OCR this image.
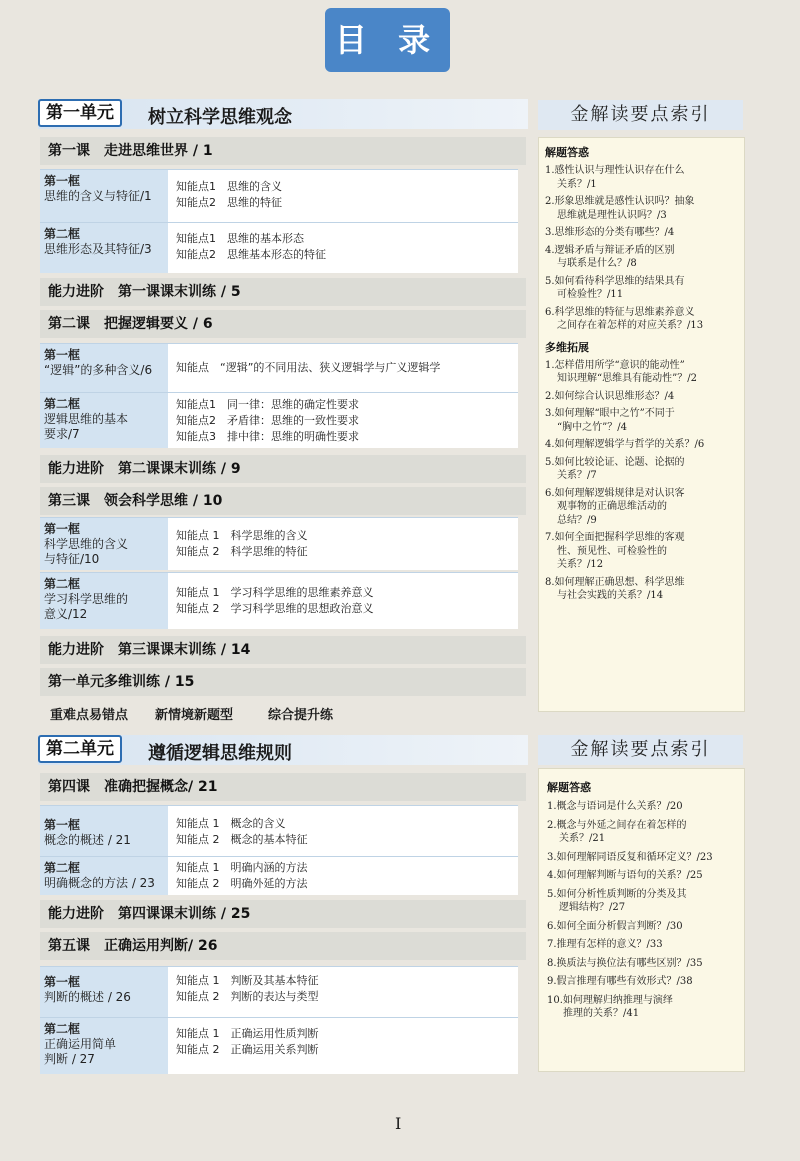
目 录
第一单元	树立科学思维观念	金解读要点索引
第一课　走进思维世界 / 1
第一框
思维的含义与特征/1
知能点1　思维的含义
知能点2　思维的特征
第二框
思维形态及其特征/3
知能点1　思维的基本形态
知能点2　思维基本形态的特征
能力进阶　第一课课末训练 / 5
第二课　把握逻辑要义 / 6
第一框
“逻辑”的多种含义/6	知能点　“逻辑”的不同用法、狭义逻辑学与广义逻辑学
第二框
逻辑思维的基本
要求/7
知能点1　同一律：思维的确定性要求
知能点2　矛盾律：思维的一致性要求
知能点3　排中律：思维的明确性要求
能力进阶　第二课课末训练 / 9
第三课　领会科学思维 / 10
第一框
科学思维的含义
与特征/10
知能点 1　科学思维的含义
知能点 2　科学思维的特征
第二框
学习科学思维的
意义/12
知能点 1　学习科学思维的思维素养意义
知能点 2　学习科学思维的思想政治意义
能力进阶　第三课课末训练 / 14
第一单元多维训练 / 15
重难点易错点 新情境新题型	综合提升练
解题答惑
1.感性认识与理性认识存在什么
关系？/1
2.形象思维就是感性认识吗？抽象
思维就是理性认识吗？/3
3.思维形态的分类有哪些？/4
4.逻辑矛盾与辩证矛盾的区别
与联系是什么？/8
5.如何看待科学思维的结果具有
可检验性？/11
6.科学思维的特征与思维素养意义
之间存在着怎样的对应关系？/13
多维拓展
1.怎样借用所学“意识的能动性”
知识理解“思维具有能动性”？/2
2.如何综合认识思维形态？/4
3.如何理解“眼中之竹”不同于
“胸中之竹”？/4
4.如何理解逻辑学与哲学的关系？/6
5.如何比较论证、论题、论据的
关系？/7
6.如何理解逻辑规律是对认识客
观事物的正确思维活动的
总结？/9
7.如何全面把握科学思维的客观
性、预见性、可检验性的
关系？/12
8.如何理解正确思想、科学思维
与社会实践的关系？/14
第二单元	遵循逻辑思维规则	金解读要点索引
第四课　准确把握概念/ 21
第一框
概念的概述 / 21
知能点 1　概念的含义
知能点 2　概念的基本特征
第二框
明确概念的方法 / 23
知能点 1　明确内涵的方法
知能点 2　明确外延的方法
能力进阶　第四课课末训练 / 25
第五课　正确运用判断/ 26
第一框
判断的概述 / 26
知能点 1　判断及其基本特征
知能点 2　判断的表达与类型
第二框
正确运用简单
判断 / 27
知能点 1　正确运用性质判断
知能点 2　正确运用关系判断
解题答惑
1.概念与语词是什么关系？/20
2.概念与外延之间存在着怎样的
关系？/21
3.如何理解同语反复和循环定义？/23
4.如何理解判断与语句的关系？/25
5.如何分析性质判断的分类及其
逻辑结构？/27
6.如何全面分析假言判断？/30
7.推理有怎样的意义？/33
8.换质法与换位法有哪些区别？/35
9.假言推理有哪些有效形式？/38
10.如何理解归纳推理与演绎
推理的关系？/41
I
